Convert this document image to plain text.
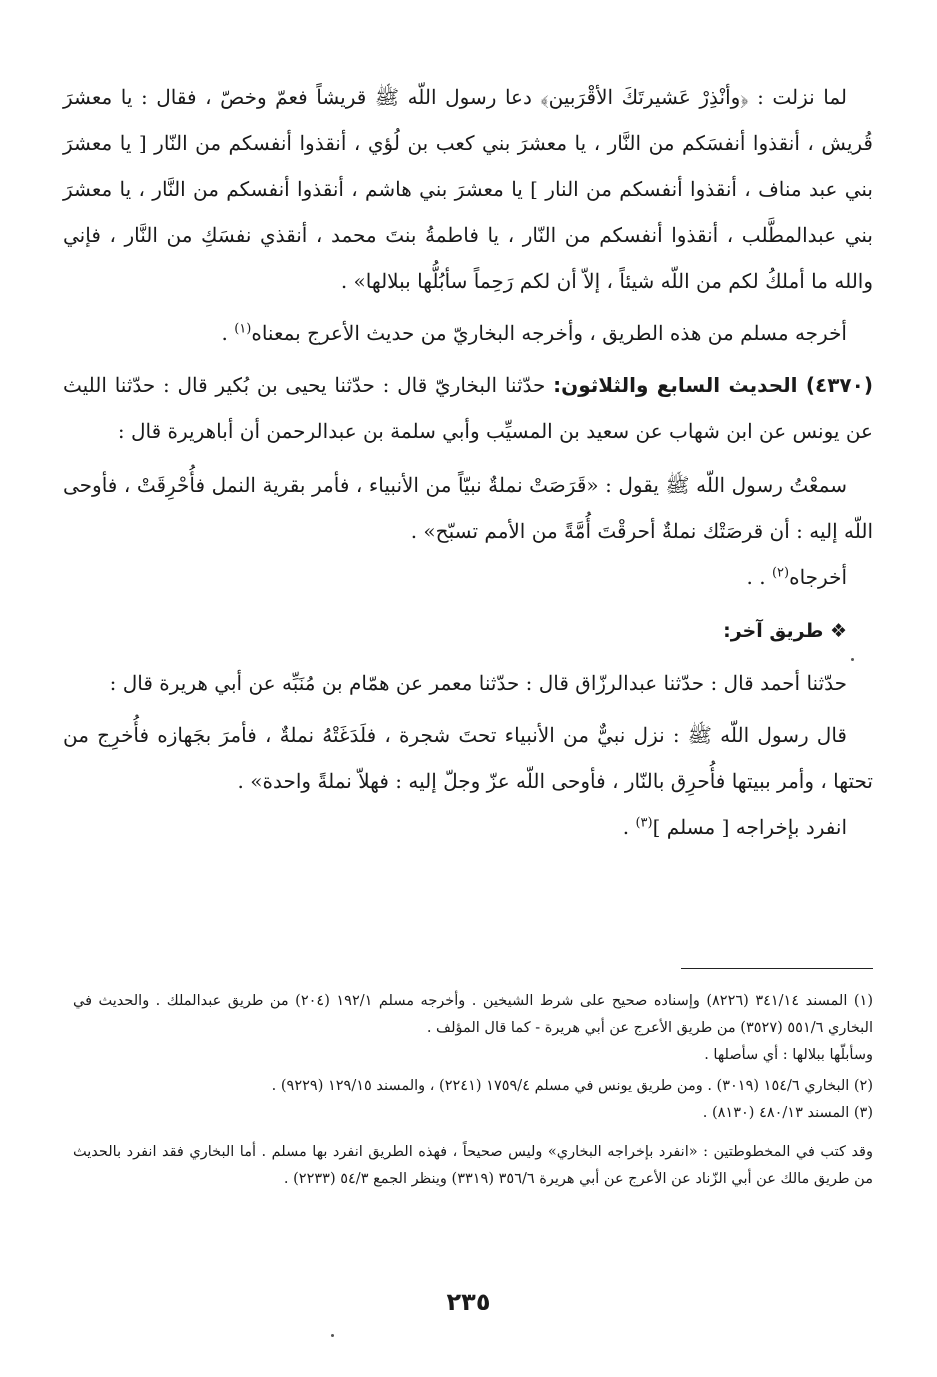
لما نزلت : ﴿وأنْذِرْ عَشيرتَكَ الأقْرَبين﴾ دعا رسول اللّه ﷺ قريشاً فعمّ وخصّ ، فقال : يا معشرَ قُريش ، أنقذوا أنفسَكم من النَّار ، يا معشرَ بني كعب بن لُؤي ، أنقذوا أنفسكم من النّار [ يا معشرَ بني عبد مناف ، أنقذوا أنفسكم من النار ] يا معشرَ بني هاشم ، أنقذوا أنفسكم من النَّار ، يا معشرَ بني عبدالمطَّلب ، أنقذوا أنفسكم من النّار ، يا فاطمةُ بنتَ محمد ، أنقذي نفسَكِ من النَّار ، فإني والله ما أملكُ لكم من اللّه شيئاً ، إلاّ أن لكم رَحِماً سأبُلُّها ببلالها» .

أخرجه مسلم من هذه الطريق ، وأخرجه البخاريّ من حديث الأعرج بمعناه$^{(١)}$ .

(٤٣٧٠) الحديث السابع والثلاثون: حدّثنا البخاريّ قال : حدّثنا يحيى بن بُكير قال : حدّثنا الليث عن يونس عن ابن شهاب عن سعيد بن المسيِّب وأبي سلمة بن عبدالرحمن أن أباهريرة قال :

سمعْتُ رسول اللّه ﷺ يقول : «قَرَصَتْ نملةٌ نبيّاً من الأنبياء ، فأمر بقرية النمل فأُحْرِقَتْ ، فأوحى اللّه إليه : أن قرصَتْك نملةٌ أحرقْتَ أُمَّةً من الأمم تسبّح» .

أخرجاه$^{(٢)}$ . .

❖ طريق آخر:

حدّثنا أحمد قال : حدّثنا عبدالرزّاق قال : حدّثنا معمر عن همّام بن مُنَبِّه عن أبي هريرة قال :

قال رسول اللّه ﷺ : نزل نبيٌّ من الأنبياء تحتَ شجرة ، فلَدَغَتْهُ نملةٌ ، فأمرَ بجَهازه فأُخرِج من تحتها ، وأمر ببيتها فأُحرِق بالنّار ، فأوحى اللّه عزّ وجلّ إليه : فهلاّ نملةً واحدة» .

انفرد بإخراجه [ مسلم ]$^{(٣)}$ .

(١) المسند ٣٤١/١٤ (٨٢٢٦) وإسناده صحيح على شرط الشيخين . وأخرجه مسلم ١٩٢/١ (٢٠٤) من طريق عبدالملك . والحديث في البخاري ٥٥١/٦ (٣٥٢٧) من طريق الأعرج عن أبي هريرة - كما قال المؤلف .

وسأبلّها ببلالها : أي سأصلها .

(٢) البخاري ١٥٤/٦ (٣٠١٩) . ومن طريق يونس في مسلم ١٧٥٩/٤ (٢٢٤١) ، والمسند ١٢٩/١٥ (٩٢٢٩) .

(٣) المسند ٤٨٠/١٣ (٨١٣٠) .

وقد كتب في المخطوطتين : «انفرد بإخراجه البخاري» وليس صحيحاً ، فهذه الطريق انفرد بها مسلم . أما البخاري فقد انفرد بالحديث من طريق مالك عن أبي الزّناد عن الأعرج عن أبي هريرة ٣٥٦/٦ (٣٣١٩) وينظر الجمع ٥٤/٣ (٢٢٣٣) .

٢٣٥
